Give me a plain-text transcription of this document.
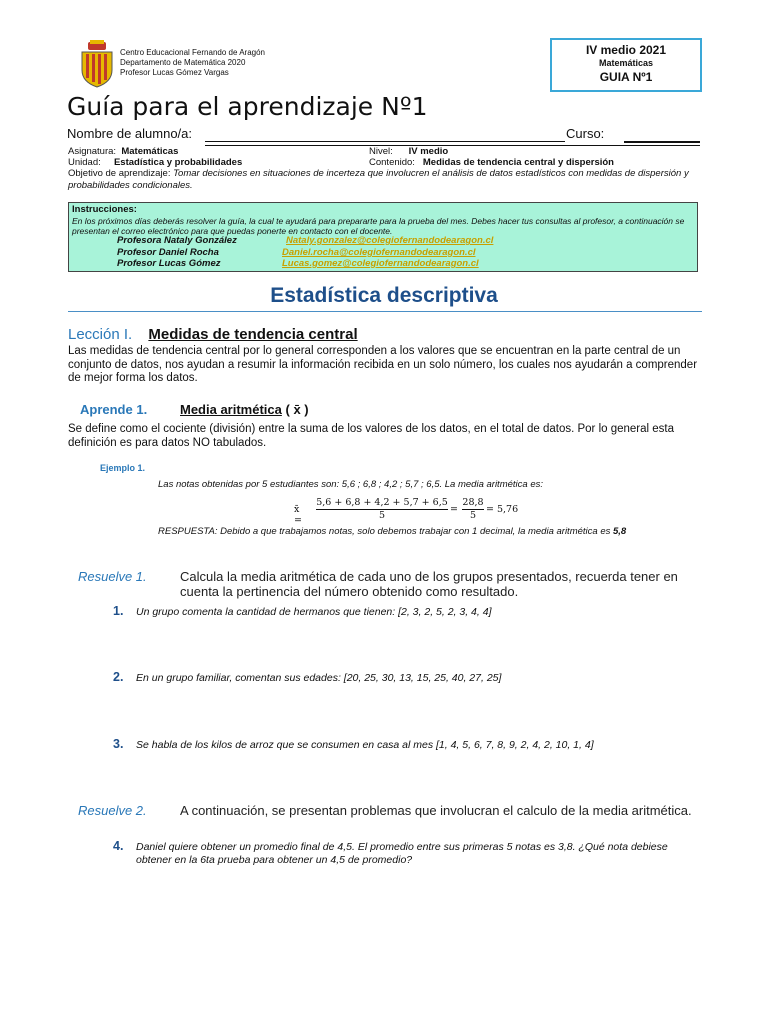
Centro Educacional Fernando de Aragón
Departamento de Matemática 2020
Profesor Lucas Gómez Vargas
IV medio 2021
Matemáticas
GUIA Nº1
Guía para el aprendizaje Nº1
Nombre de alumno/a:	Curso:
Asignatura: Matemáticas	Nivel: IV medio
Unidad: Estadística y probabilidades	Contenido: Medidas de tendencia central y dispersión
Objetivo de aprendizaje: Tomar decisiones en situaciones de incerteza que involucren el análisis de datos estadísticos con medidas de dispersión y probabilidades condicionales.
Instrucciones:
En los próximos días deberás resolver la guía, la cual te ayudará para prepararte para la prueba del mes. Debes hacer tus consultas al profesor, a continuación se presentan el correo electrónico para que puedas ponerte en contacto con el docente.
Profesora Nataly González	Nataly.gonzalez@colegiofernandodearagon.cl
Profesor Daniel Rocha	Daniel.rocha@colegiofernandodearagon.cl
Profesor Lucas Gómez	Lucas.gomez@colegiofernandodearagon.cl
Estadística descriptiva
Lección I. Medidas de tendencia central
Las medidas de tendencia central por lo general corresponden a los valores que se encuentran en la parte central de un conjunto de datos, nos ayudan a resumir la información recibida en un solo número, los cuales nos ayudarán a comprender de mejor forma los datos.
Aprende 1.	Media aritmética ( x̄ )
Se define como el cociente (división) entre la suma de los valores de los datos, en el total de datos. Por lo general esta definición es para datos NO tabulados.
Ejemplo 1.
Las notas obtenidas por 5 estudiantes son: 5,6 ; 6,8 ; 4,2 ; 5,7 ; 6,5. La media aritmética es:
x̄ = $\frac{5,6 + 6,8 + 4,2 + 5,7 + 6,5}{5} = \frac{28,8}{5} = 5,76$
RESPUESTA: Debido a que trabajamos notas, solo debemos trabajar con 1 decimal, la media aritmética es 5,8
Resuelve 1.	Calcula la media aritmética de cada uno de los grupos presentados, recuerda tener en cuenta la pertinencia del número obtenido como resultado.
1. Un grupo comenta la cantidad de hermanos que tienen: [2, 3, 2, 5, 2, 3, 4, 4]
2. En un grupo familiar, comentan sus edades: [20, 25, 30, 13, 15, 25, 40, 27, 25]
3. Se habla de los kilos de arroz que se consumen en casa al mes [1, 4, 5, 6, 7, 8, 9, 2, 4, 2, 10, 1, 4]
Resuelve 2.	A continuación, se presentan problemas que involucran el calculo de la media aritmética.
4. Daniel quiere obtener un promedio final de 4,5. El promedio entre sus primeras 5 notas es 3,8. ¿Qué nota debiese obtener en la 6ta prueba para obtener un 4,5 de promedio?
